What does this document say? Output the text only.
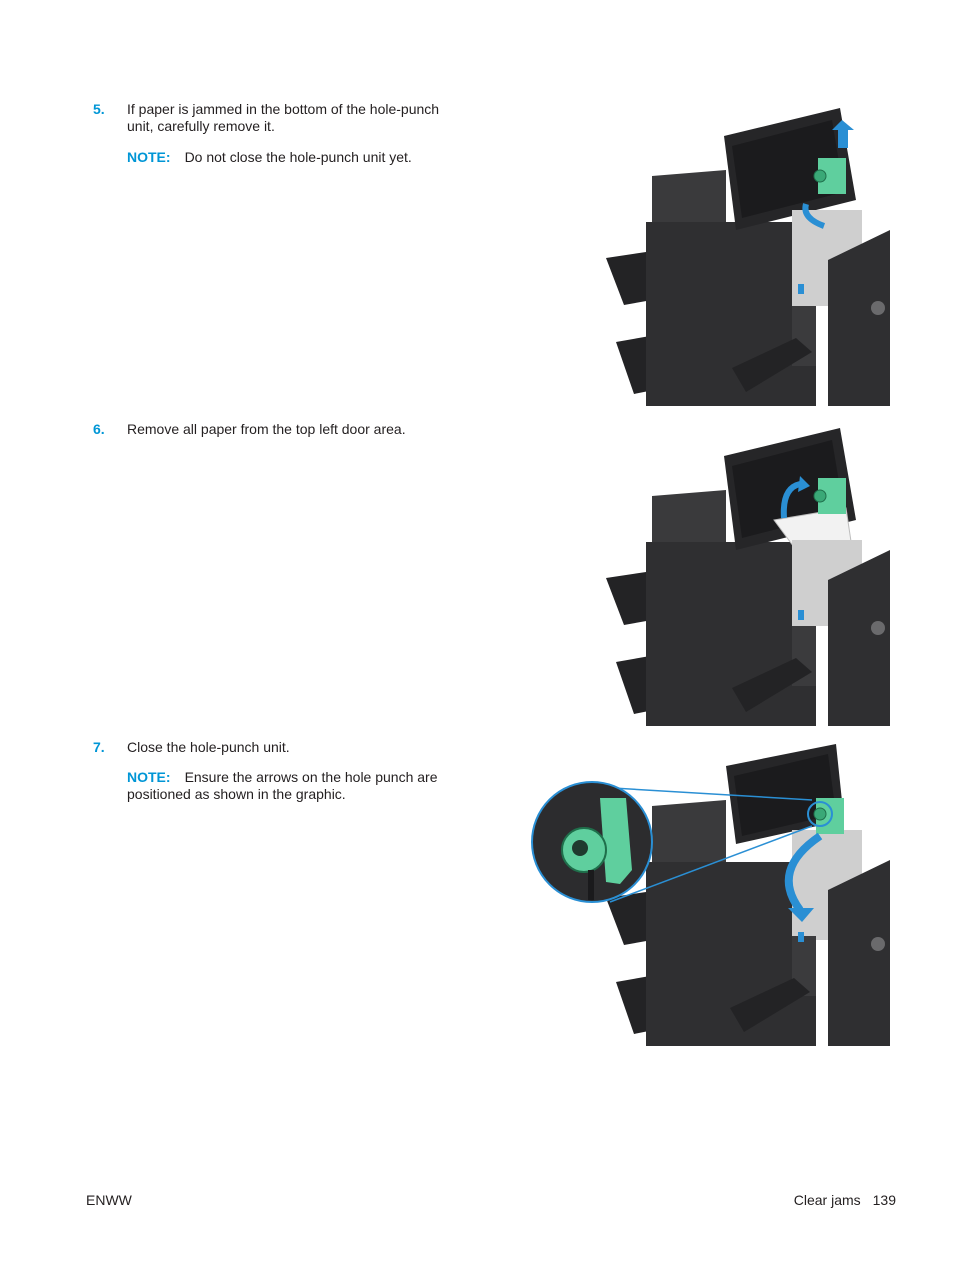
5.	If paper is jammed in the bottom of the hole-punch unit, carefully remove it.
NOTE: Do not close the hole-punch unit yet.
6.	Remove all paper from the top left door area.
7.	Close the hole-punch unit.
NOTE: Ensure the arrows on the hole punch are positioned as shown in the graphic.
ENWW	Clear jams 139
